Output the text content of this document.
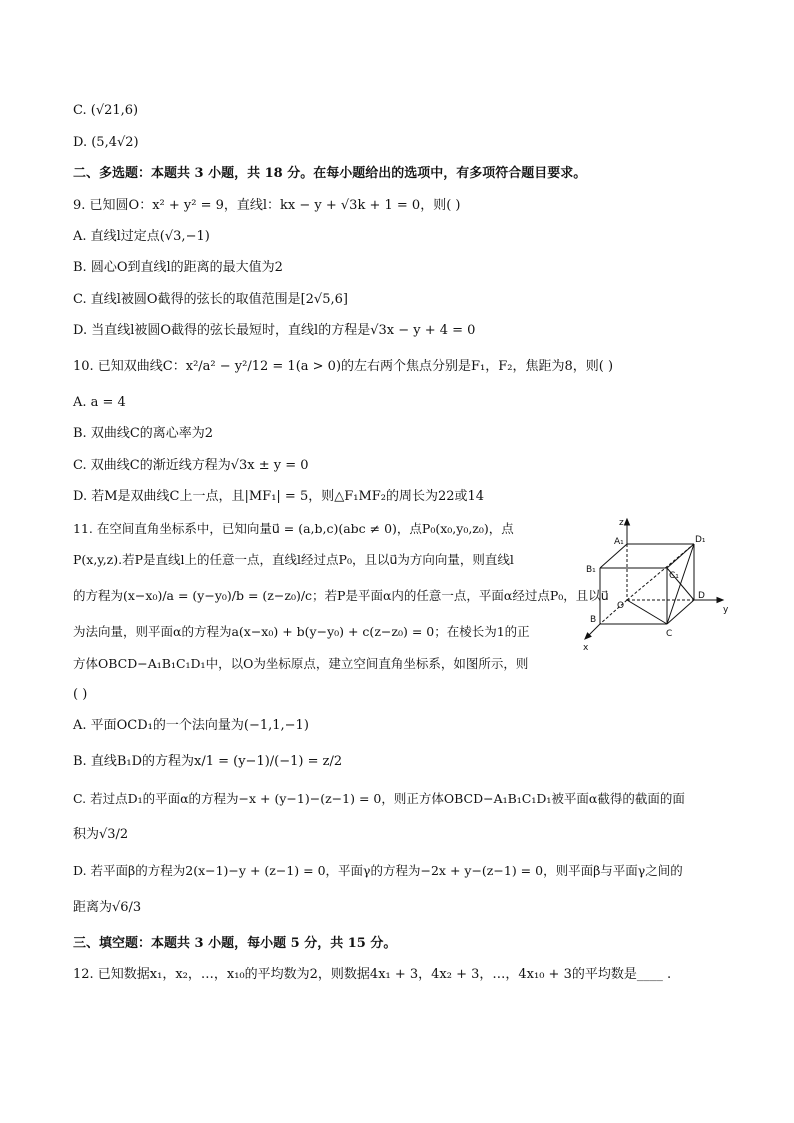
C. (√21,6)
D. (5,4√2)
二、多选题：本题共 3 小题，共 18 分。在每小题给出的选项中，有多项符合题目要求。
9. 已知圆O：x² + y² = 9，直线l：kx − y + √3k + 1 = 0，则( )
A. 直线l过定点(√3,−1)
B. 圆心O到直线l的距离的最大值为2
C. 直线l被圆O截得的弦长的取值范围是[2√5,6]
D. 当直线l被圆O截得的弦长最短时，直线l的方程是√3x − y + 4 = 0
10. 已知双曲线C：x²/a² − y²/12 = 1(a > 0)的左右两个焦点分别是F₁，F₂，焦距为8，则( )
A. a = 4
B. 双曲线C的离心率为2
C. 双曲线C的渐近线方程为√3x ± y = 0
D. 若M是双曲线C上一点，且|MF₁| = 5，则△F₁MF₂的周长为22或14
11. 在空间直角坐标系中，已知向量u⃗ = (a,b,c)(abc ≠ 0)，点P₀(x₀,y₀,z₀)，点
P(x,y,z).若P是直线l上的任意一点，直线l经过点P₀，且以u⃗为方向向量，则直线l
的方程为(x−x₀)/a = (y−y₀)/b = (z−z₀)/c；若P是平面α内的任意一点，平面α经过点P₀，且以u⃗
为法向量，则平面α的方程为a(x−x₀) + b(y−y₀) + c(z−z₀) = 0；在棱长为1的正
方体OBCD−A₁B₁C₁D₁中，以O为坐标原点，建立空间直角坐标系，如图所示，则
( )
A. 平面OCD₁的一个法向量为(−1,1,−1)
B. 直线B₁D的方程为x/1 = (y−1)/(−1) = z/2
C. 若过点D₁的平面α的方程为−x + (y−1)−(z−1) = 0，则正方体OBCD−A₁B₁C₁D₁被平面α截得的截面的面
积为√3/2
D. 若平面β的方程为2(x−1)−y + (z−1) = 0，平面γ的方程为−2x + y−(z−1) = 0，则平面β与平面γ之间的
距离为√6/3
三、填空题：本题共 3 小题，每小题 5 分，共 15 分。
12. 已知数据x₁，x₂，…，x₁₀的平均数为2，则数据4x₁ + 3，4x₂ + 3，…，4x₁₀ + 3的平均数是____ .
z
y
x
O
A₁
B₁
C₁
D₁
B
C
D
